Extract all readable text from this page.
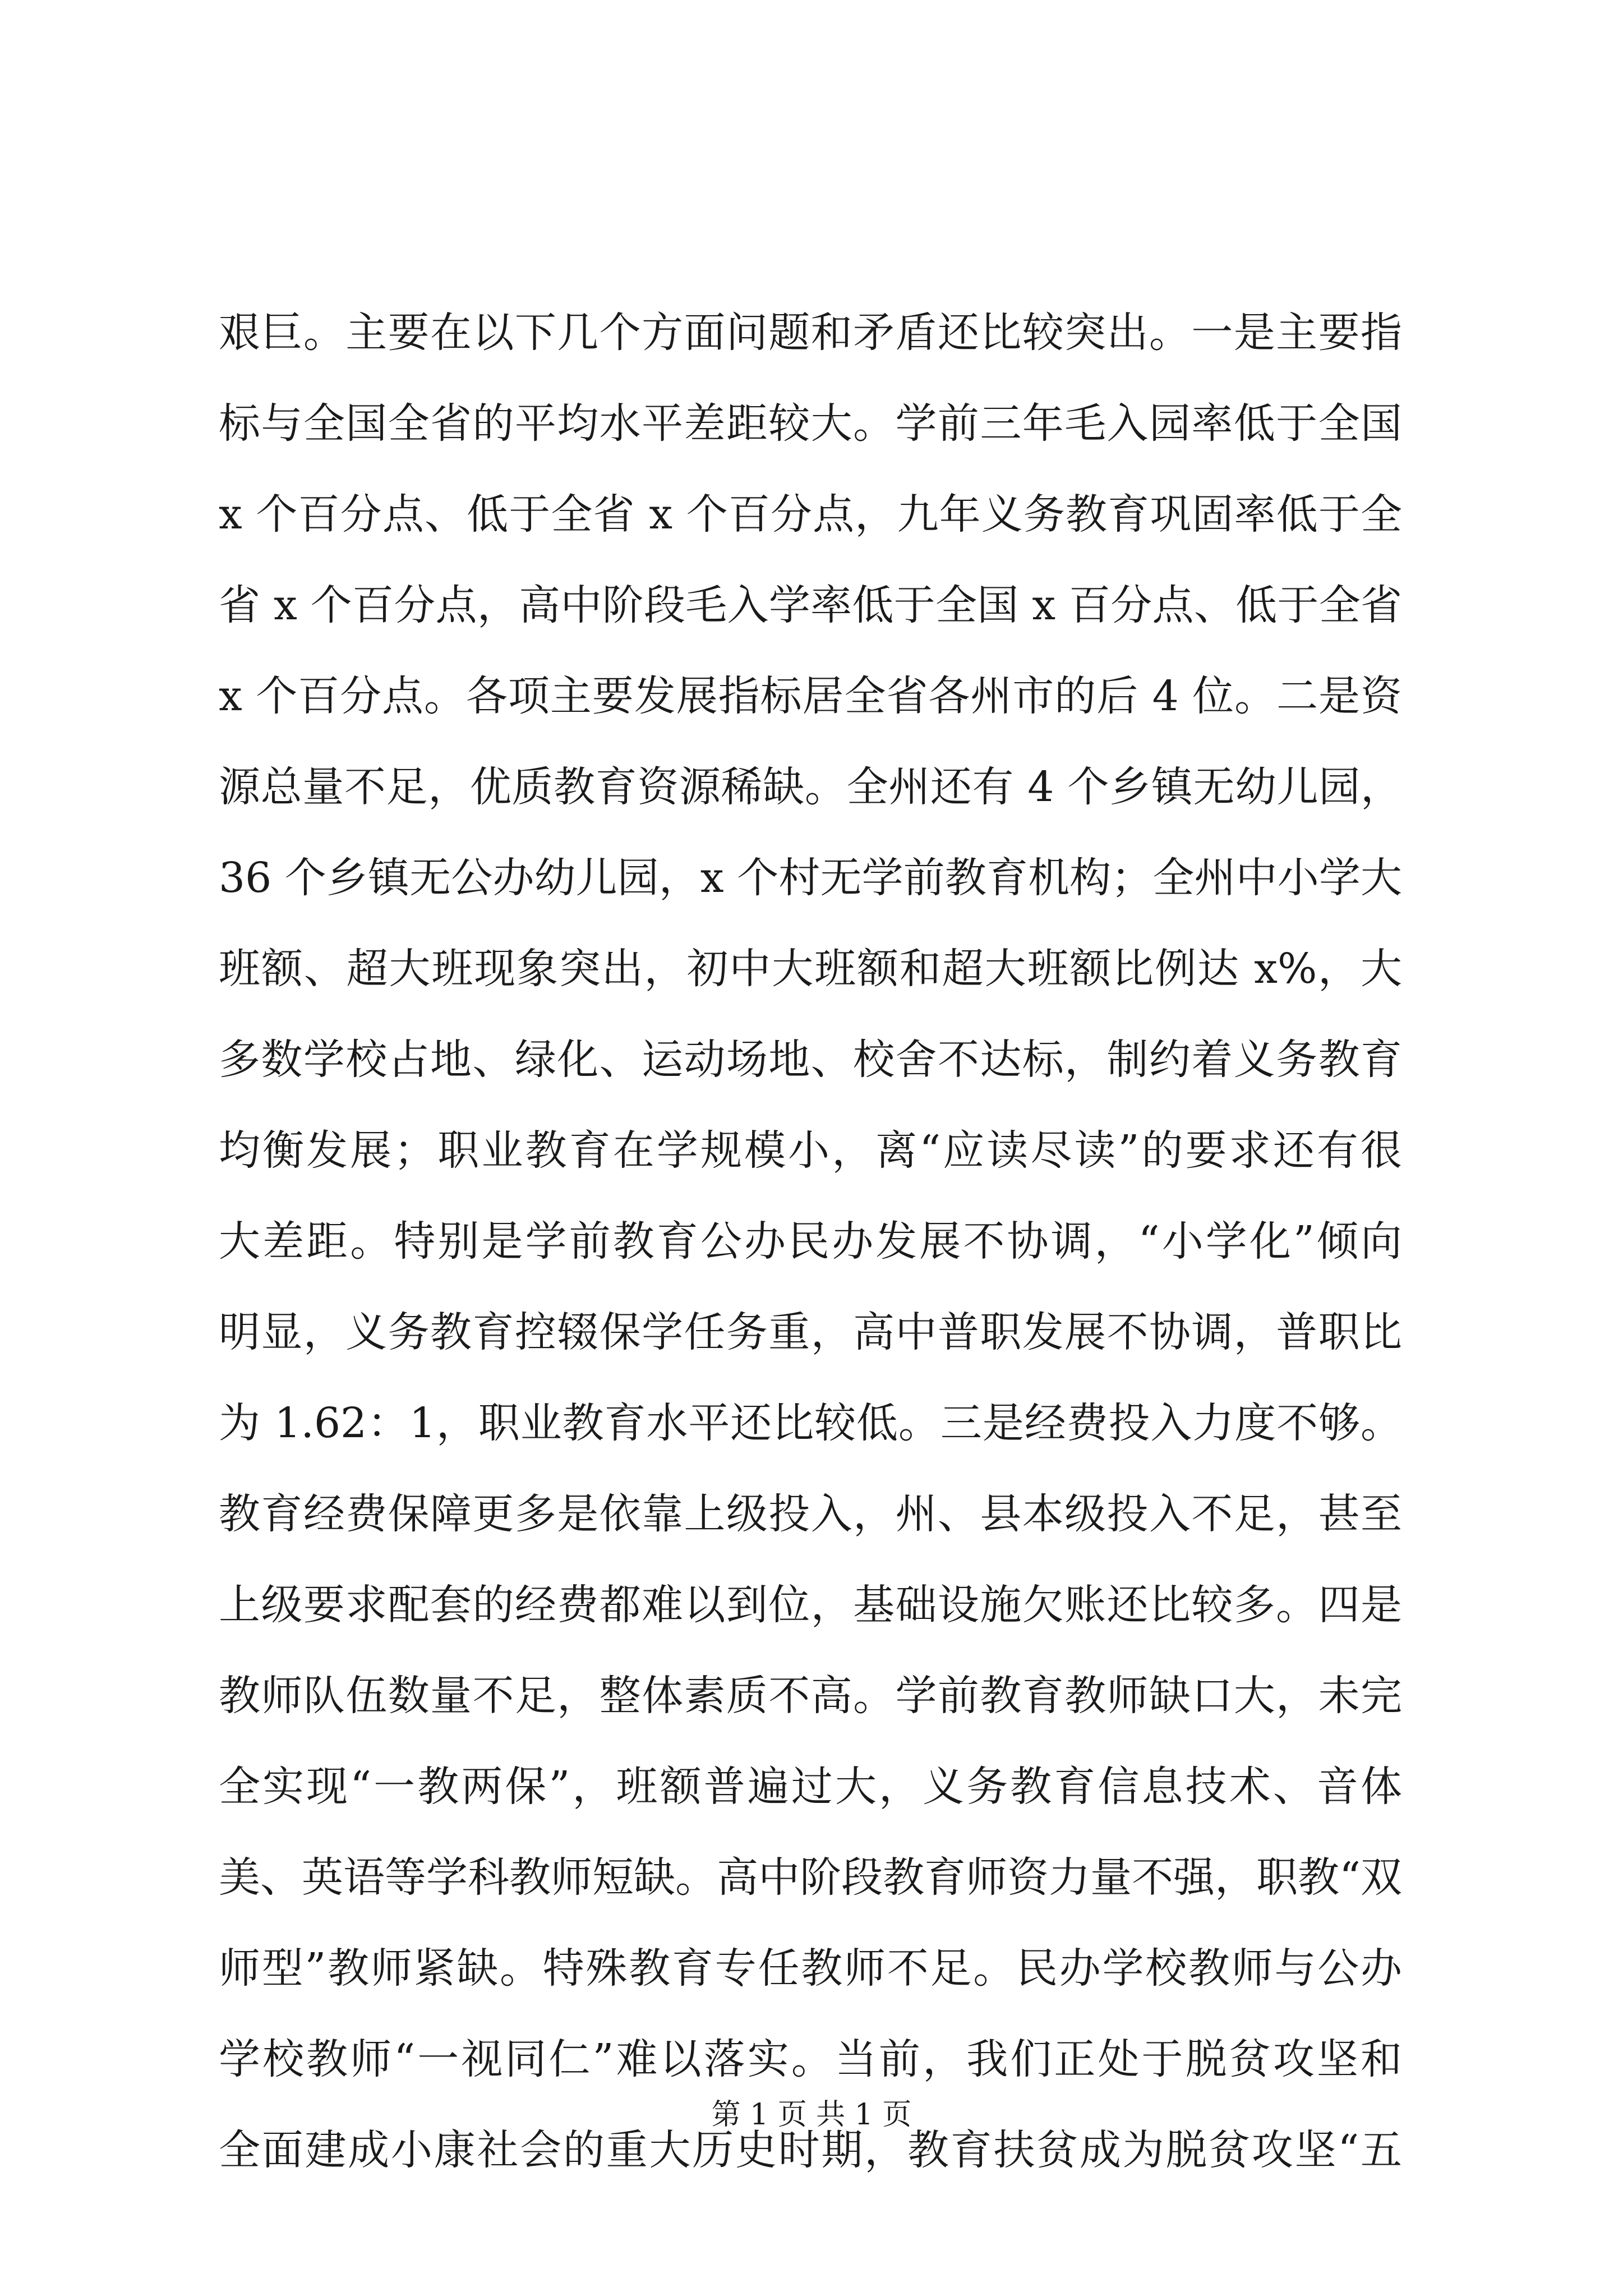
艰巨。主要在以下几个方面问题和矛盾还比较突出。一是主要指
标与全国全省的平均水平差距较大。学前三年毛入园率低于全国
x 个百分点、低于全省 x 个百分点，九年义务教育巩固率低于全
省 x 个百分点，高中阶段毛入学率低于全国 x 百分点、低于全省
x 个百分点。各项主要发展指标居全省各州市的后 4 位。二是资
源总量不足，优质教育资源稀缺。全州还有 4 个乡镇无幼儿园，
36 个乡镇无公办幼儿园，x 个村无学前教育机构；全州中小学大
班额、超大班现象突出，初中大班额和超大班额比例达 x%，大
多数学校占地、绿化、运动场地、校舍不达标，制约着义务教育
均衡发展；职业教育在学规模小，离“应读尽读”的要求还有很
大差距。特别是学前教育公办民办发展不协调，“小学化”倾向
明显，义务教育控辍保学任务重，高中普职发展不协调，普职比
为 1.62：1，职业教育水平还比较低。三是经费投入力度不够。
教育经费保障更多是依靠上级投入，州、县本级投入不足，甚至
上级要求配套的经费都难以到位，基础设施欠账还比较多。四是
教师队伍数量不足，整体素质不高。学前教育教师缺口大，未完
全实现“一教两保”，班额普遍过大，义务教育信息技术、音体
美、英语等学科教师短缺。高中阶段教育师资力量不强，职教“双
师型”教师紧缺。特殊教育专任教师不足。民办学校教师与公办
学校教师“一视同仁”难以落实。当前，我们正处于脱贫攻坚和
全面建成小康社会的重大历史时期，教育扶贫成为脱贫攻坚“五
第 1 页 共 1 页
